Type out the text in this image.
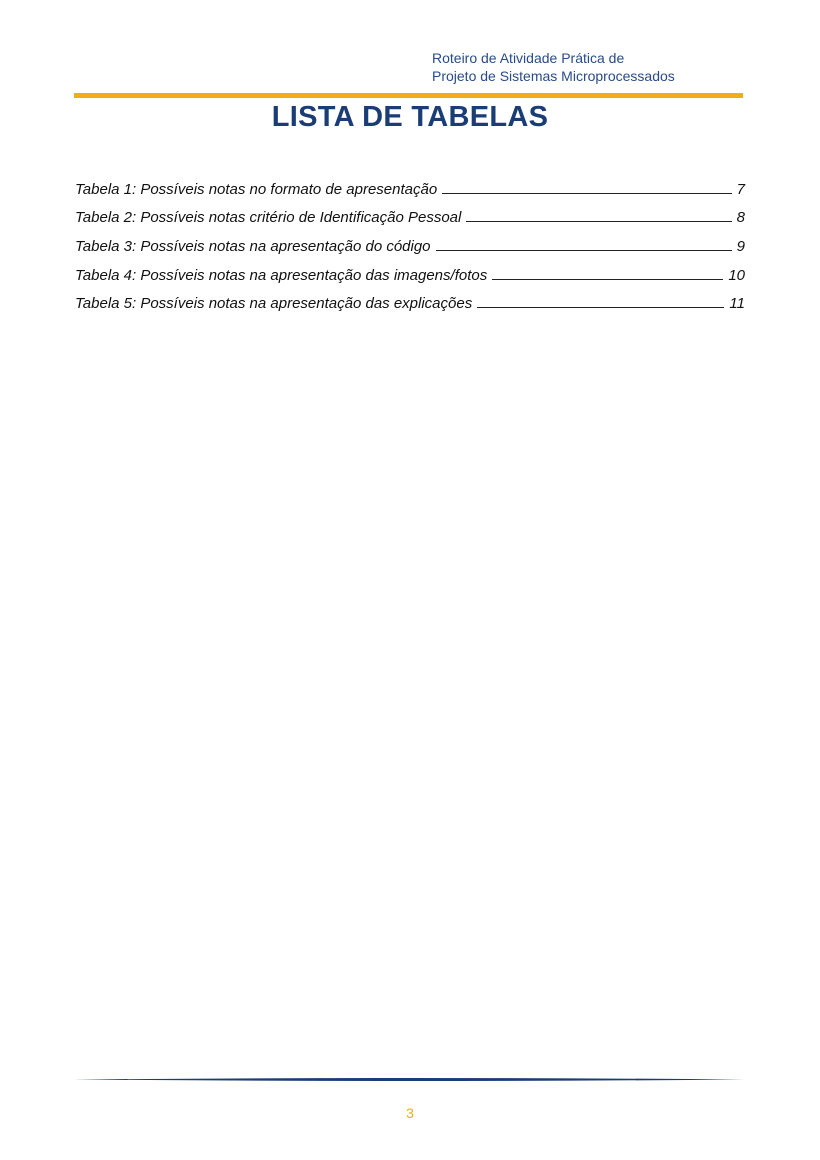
Roteiro de Atividade Prática de
Projeto de Sistemas Microprocessados
LISTA DE TABELAS
Tabela 1: Possíveis notas no formato de apresentação	7
Tabela 2: Possíveis notas critério de Identificação Pessoal	8
Tabela 3: Possíveis notas na apresentação do código	9
Tabela 4: Possíveis notas na apresentação das imagens/fotos	10
Tabela 5: Possíveis notas na apresentação das explicações	11
3
